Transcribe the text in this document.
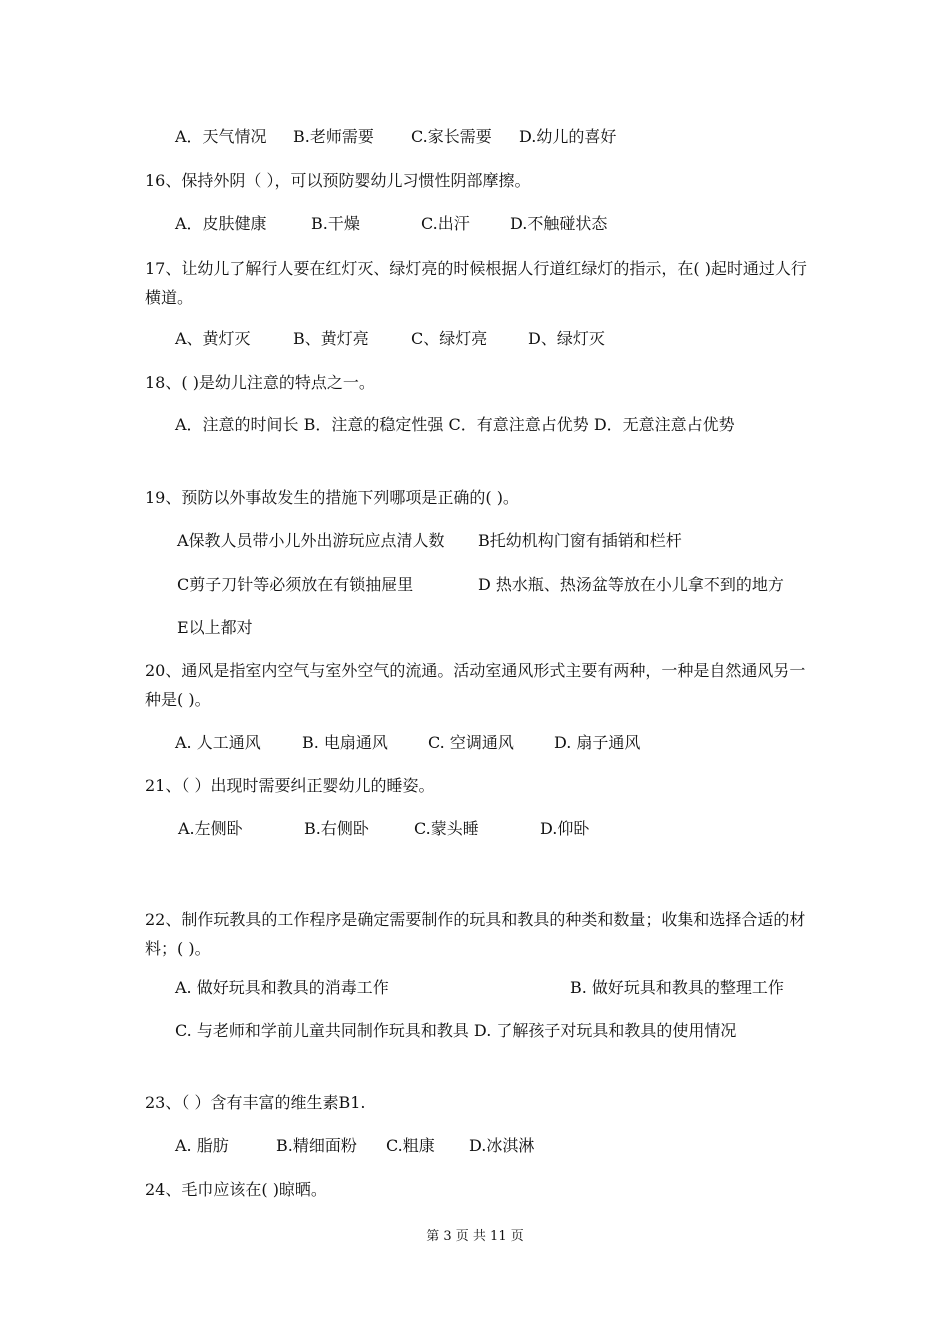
A．天气情况 B.老师需要 C.家长需要 D.幼儿的喜好
16、保持外阴（ ），可以预防婴幼儿习惯性阴部摩擦。
A．皮肤健康	B.干燥	C.出汗	D.不触碰状态
17、让幼儿了解行人要在红灯灭、绿灯亮的时候根据人行道红绿灯的指示，在( )起时通过人行横道。
A、黄灯灭	B、黄灯亮	C、绿灯亮	D、绿灯灭
18、( )是幼儿注意的特点之一。
A．注意的时间长 B．注意的稳定性强 C．有意注意占优势 D．无意注意占优势
19、预防以外事故发生的措施下列哪项是正确的( )。
A保教人员带小儿外出游玩应点清人数 B托幼机构门窗有插销和栏杆
C剪子刀针等必须放在有锁抽屉里	D 热水瓶、热汤盆等放在小儿拿不到的地方
E以上都对
20、通风是指室内空气与室外空气的流通。活动室通风形式主要有两种，一种是自然通风另一种是( )。
A. 人工通风	B. 电扇通风	C. 空调通风	D. 扇子通风
21、（ ）出现时需要纠正婴幼儿的睡姿。
A.左侧卧	B.右侧卧	C.蒙头睡	D.仰卧
22、制作玩教具的工作程序是确定需要制作的玩具和教具的种类和数量；收集和选择合适的材料；( )。
A. 做好玩具和教具的消毒工作	B. 做好玩具和教具的整理工作
C. 与老师和学前儿童共同制作玩具和教具 D. 了解孩子对玩具和教具的使用情况
23、（ ）含有丰富的维生素B1.
A. 脂肪	B.精细面粉 C.粗康 D.冰淇淋
24、毛巾应该在( )晾晒。
第 3 页 共 11 页
